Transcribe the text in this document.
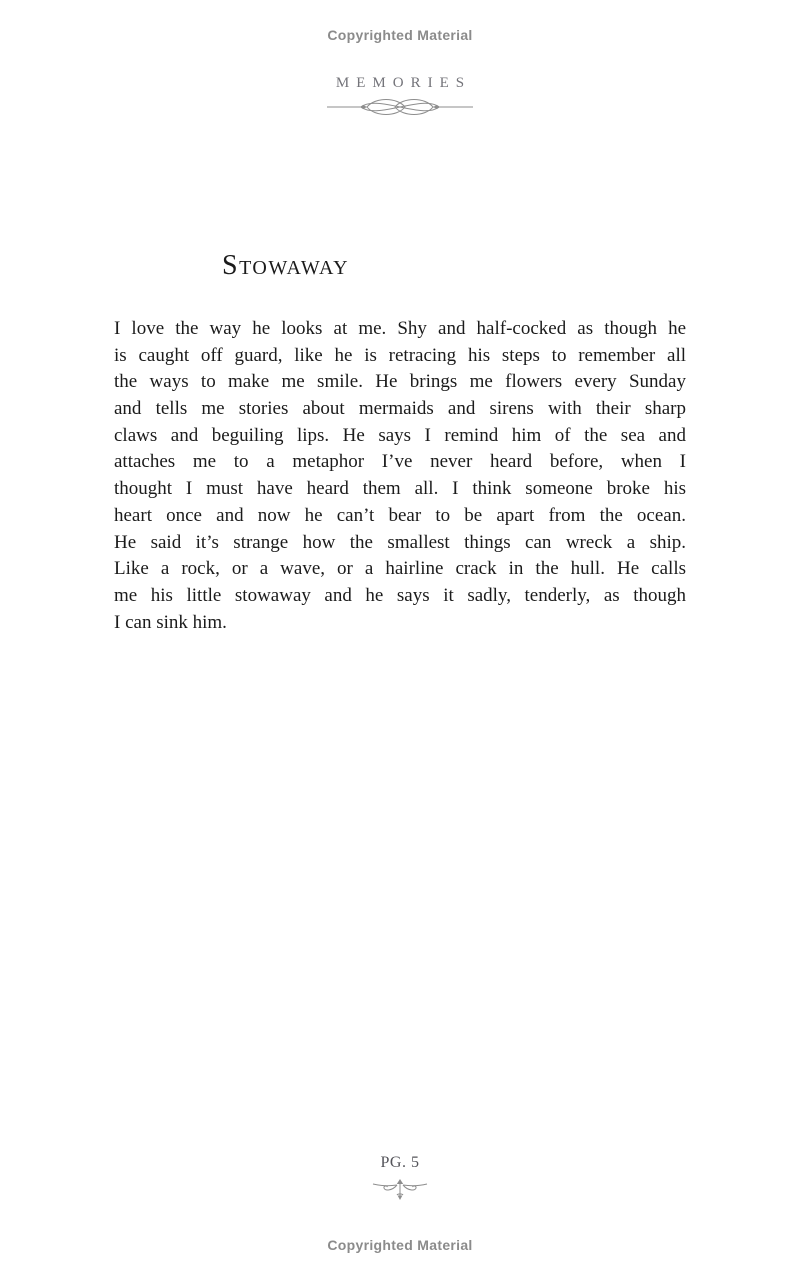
Copyrighted Material
MEMORIES
Stowaway
I love the way he looks at me. Shy and half-cocked as though he
is caught off guard, like he is retracing his steps to remember all
the ways to make me smile. He brings me flowers every Sunday
and tells me stories about mermaids and sirens with their sharp
claws and beguiling lips. He says I remind him of the sea and
attaches me to a metaphor I’ve never heard before, when I
thought I must have heard them all. I think someone broke his
heart once and now he can’t bear to be apart from the ocean.
He said it’s strange how the smallest things can wreck a ship.
Like a rock, or a wave, or a hairline crack in the hull. He calls
me his little stowaway and he says it sadly, tenderly, as though
I can sink him.
PG. 5
Copyrighted Material
